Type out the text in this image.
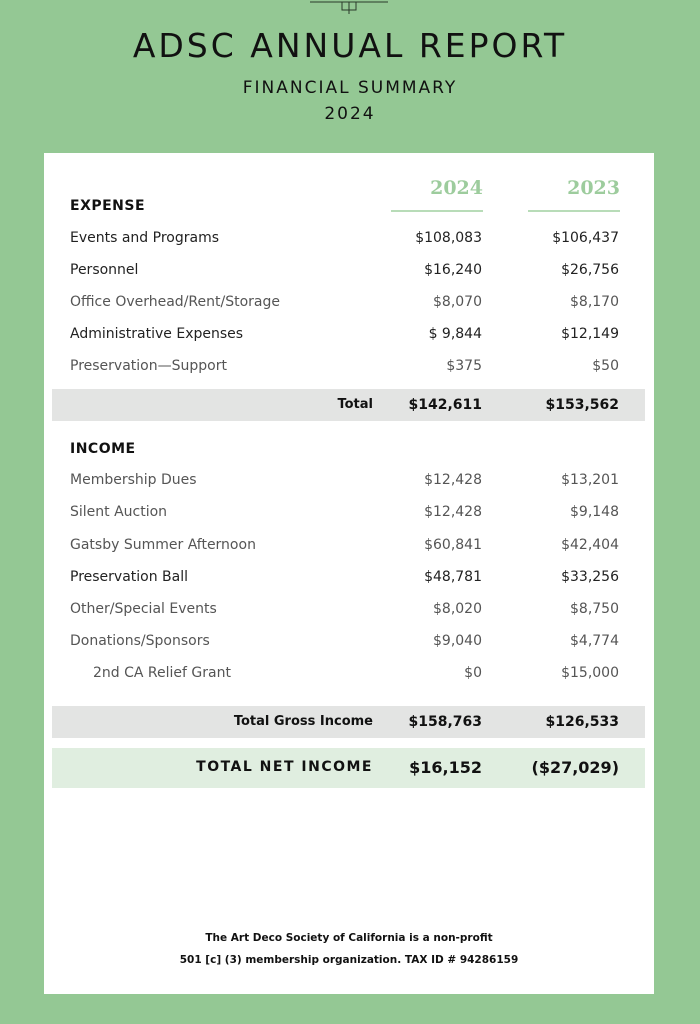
ADSC ANNUAL REPORT
FINANCIAL SUMMARY
2024
2024	2023
EXPENSE
Events and Programs	$108,083	$106,437
Personnel	$16,240	$26,756
Office Overhead/Rent/Storage	$8,070	$8,170
Administrative Expenses	$ 9,844	$12,149
Preservation—Support	$375	$50
Total	$142,611	$153,562
INCOME
Membership Dues	$12,428	$13,201
Silent Auction	$12,428	$9,148
Gatsby Summer Afternoon	$60,841	$42,404
Preservation Ball	$48,781	$33,256
Other/Special Events	$8,020	$8,750
Donations/Sponsors	$9,040	$4,774
2nd CA Relief Grant	$0	$15,000
Total Gross Income	$158,763	$126,533
TOTAL NET INCOME	$16,152	($27,029)
The Art Deco Society of California is a non-profit
501 [c] (3) membership organization. TAX ID # 94286159
